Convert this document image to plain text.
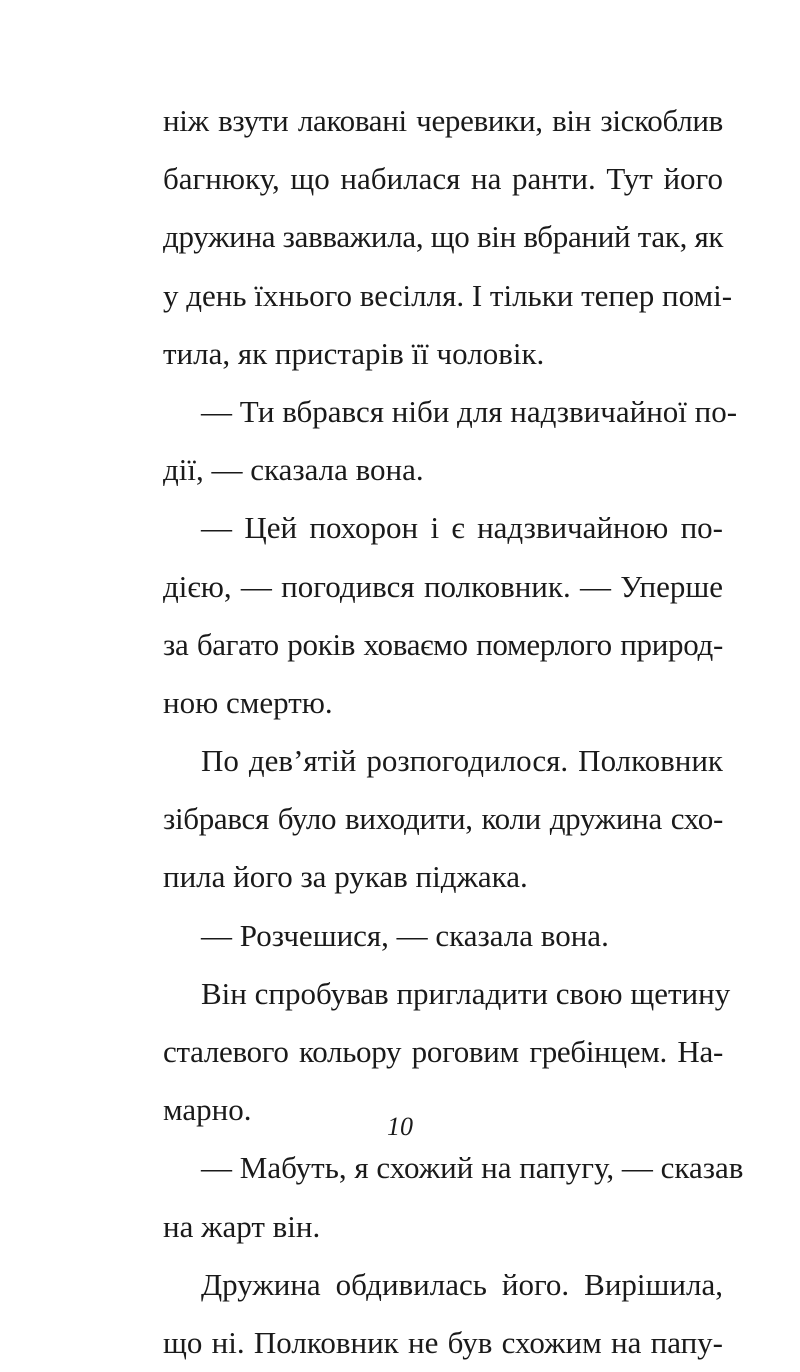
ніж взути лаковані черевики, він зіскоблив
багнюку, що набилася на ранти. Тут його
дружина завважила, що він вбраний так, як
у день їхнього весілля. І тільки тепер помі-
тила, як пристарів її чоловік.
— Ти вбрався ніби для надзвичайної по-
дії, — сказала вона.
— Цей похорон і є надзвичайною по-
дією, — погодився полковник. — Уперше
за багато років ховаємо померлого природ-
ною смертю.
По дев’ятій розпогодилося. Полковник
зібрався було виходити, коли дружина схо-
пила його за рукав піджака.
— Розчешися, — сказала вона.
Він спробував пригладити свою щетину
сталевого кольору роговим гребінцем. На-
марно.
— Мабуть, я схожий на папугу, — сказав
на жарт він.
Дружина обдивилась його. Вирішила,
що ні. Полковник не був схожим на папу-
10
